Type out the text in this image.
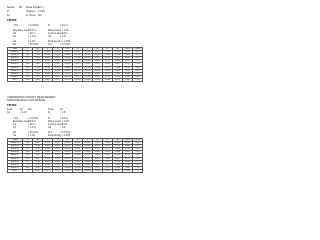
Section BC Shear Force
10 m
Fr	Reaction 4.5 kN
Fs	Fr (force) 110
TRUSS
= Fw	= 41.5 kN	Fr	= 8.2 m
Boundary Layer
= 8.5 m	Wave (max) = 0.04
Cd	= 20 m	Current speed
= 0.4
Cs	= 1.0 m	Cd	= 0.8
Ca	= 1.03	Fluid density = 1.025
Mx	= 30 kNm	Frm	= 0.75 kN
Node	Z	Dia	u	a	Fd	Fi	F	dF	M	dM	Cum F	Cum M
Bottom 4.5	0.00	0.508	0.4513	0.1023	0.00341	0.02117	0.02458	0.0120	0.0000	0.0000	0.0245	0.000
Bottom 4.3	1.00	0.508	0.4724	0.1051	0.00362	0.02140	0.02502	0.0124	0.0248	0.0124	0.0496	0.025
Bottom 4.1	2.00	0.508	0.4935	0.1078	0.00385	0.02162	0.02547	0.0126	0.0504	0.0252	0.0751	0.075
Bottom 3.9	3.00	0.508	0.5146	0.1106	0.00409	0.02185	0.02594	0.0129	0.0771	0.0386	0.1010	0.151
Bottom 3.7	4.00	0.508	0.5357	0.1133	0.00434	0.02207	0.02641	0.0131	0.1044	0.0522	0.1274	0.255
Bottom 3.5	5.00	0.508	0.5568	0.1161	0.00460	0.02230	0.02690	0.0134	0.1327	0.0664	0.1543	0.388
Bottom 3.3	6.00	0.508	0.5779	0.1188	0.00487	0.02252	0.02739	0.0136	0.1618	0.0809	0.1817	0.550
Bottom 3.1	7.00	0.508	0.5990	0.1216	0.00515	0.02275	0.02790	0.0139	0.1919	0.0960	0.2096	0.742
Bottom 2.9	8.00	0.508	0.6201	0.1243	0.00544	0.02297	0.02841	0.0142	0.2228	0.1114	0.2380	0.965
Top 2.7	9.00	0.508	0.6412	0.1271	0.00574	0.02320	0.02894	0.0144	0.2548	0.1274	0.2669	1.219
UNDERWATER CAPACITY MEASUREMENT
WAVE BREAKING LOAD (WHERE)
TRUSS
Input	Fs Dia	Fluid	Fd
Cu	= 1.13	Fx	= 1.8
= Fw	= 41.5 kN	Fr	= 8.2 m
Boundary Layer
= 8.5 m	Wave (max) = 0.04
Cd	= 20 m	Current speed
= 0.4
Cs	= 1.0 m	Cd	= 0.8
Mx	= 30 kNm	Frm	= 0.75 kN
Ca	= 1.03	Fluid density = 1.025
Node	Z	Dia	u	a	Fd	Fi	F	dF	M	dM	Cum F	Cum M
Bottom 4.5	0.00	0.610	0.4513	0.1023	0.00410	0.03052	0.03462	0.0173	0.0000	0.0000	0.0346	0.000
Bottom 4.3	1.00	0.610	0.4724	0.1051	0.00435	0.03085	0.03520	0.0175	0.0352	0.0176	0.0698	0.035
Bottom 4.1	2.00	0.610	0.4935	0.1078	0.00462	0.03117	0.03579	0.0178	0.0716	0.0358	0.1056	0.106
Bottom 3.9	3.00	0.610	0.5146	0.1106	0.00491	0.03150	0.03641	0.0181	0.1092	0.0546	0.1420	0.213
Bottom 3.7	4.00	0.610	0.5357	0.1133	0.00521	0.03182	0.03703	0.0184	0.1481	0.0741	0.1791	0.359
Bottom 3.5	5.00	0.610	0.5568	0.1161	0.00552	0.03215	0.03767	0.0187	0.1884	0.0942	0.2167	0.544
Bottom 3.3	6.00	0.610	0.5779	0.1188	0.00585	0.03247	0.03832	0.0191	0.2299	0.1150	0.2550	0.771
Bottom 3.1	7.00	0.610	0.5990	0.1216	0.00618	0.03280	0.03898	0.0194	0.2729	0.1364	0.2940	1.041
Bottom 2.9	8.00	0.610	0.6201	0.1243	0.00653	0.03312	0.03965	0.0197	0.3172	0.1586	0.3337	1.355
Top 2.7	9.00	0.610	0.6412	0.1271	0.00689	0.03345	0.04034	0.0200	0.3631	0.1815	0.3740	1.715
